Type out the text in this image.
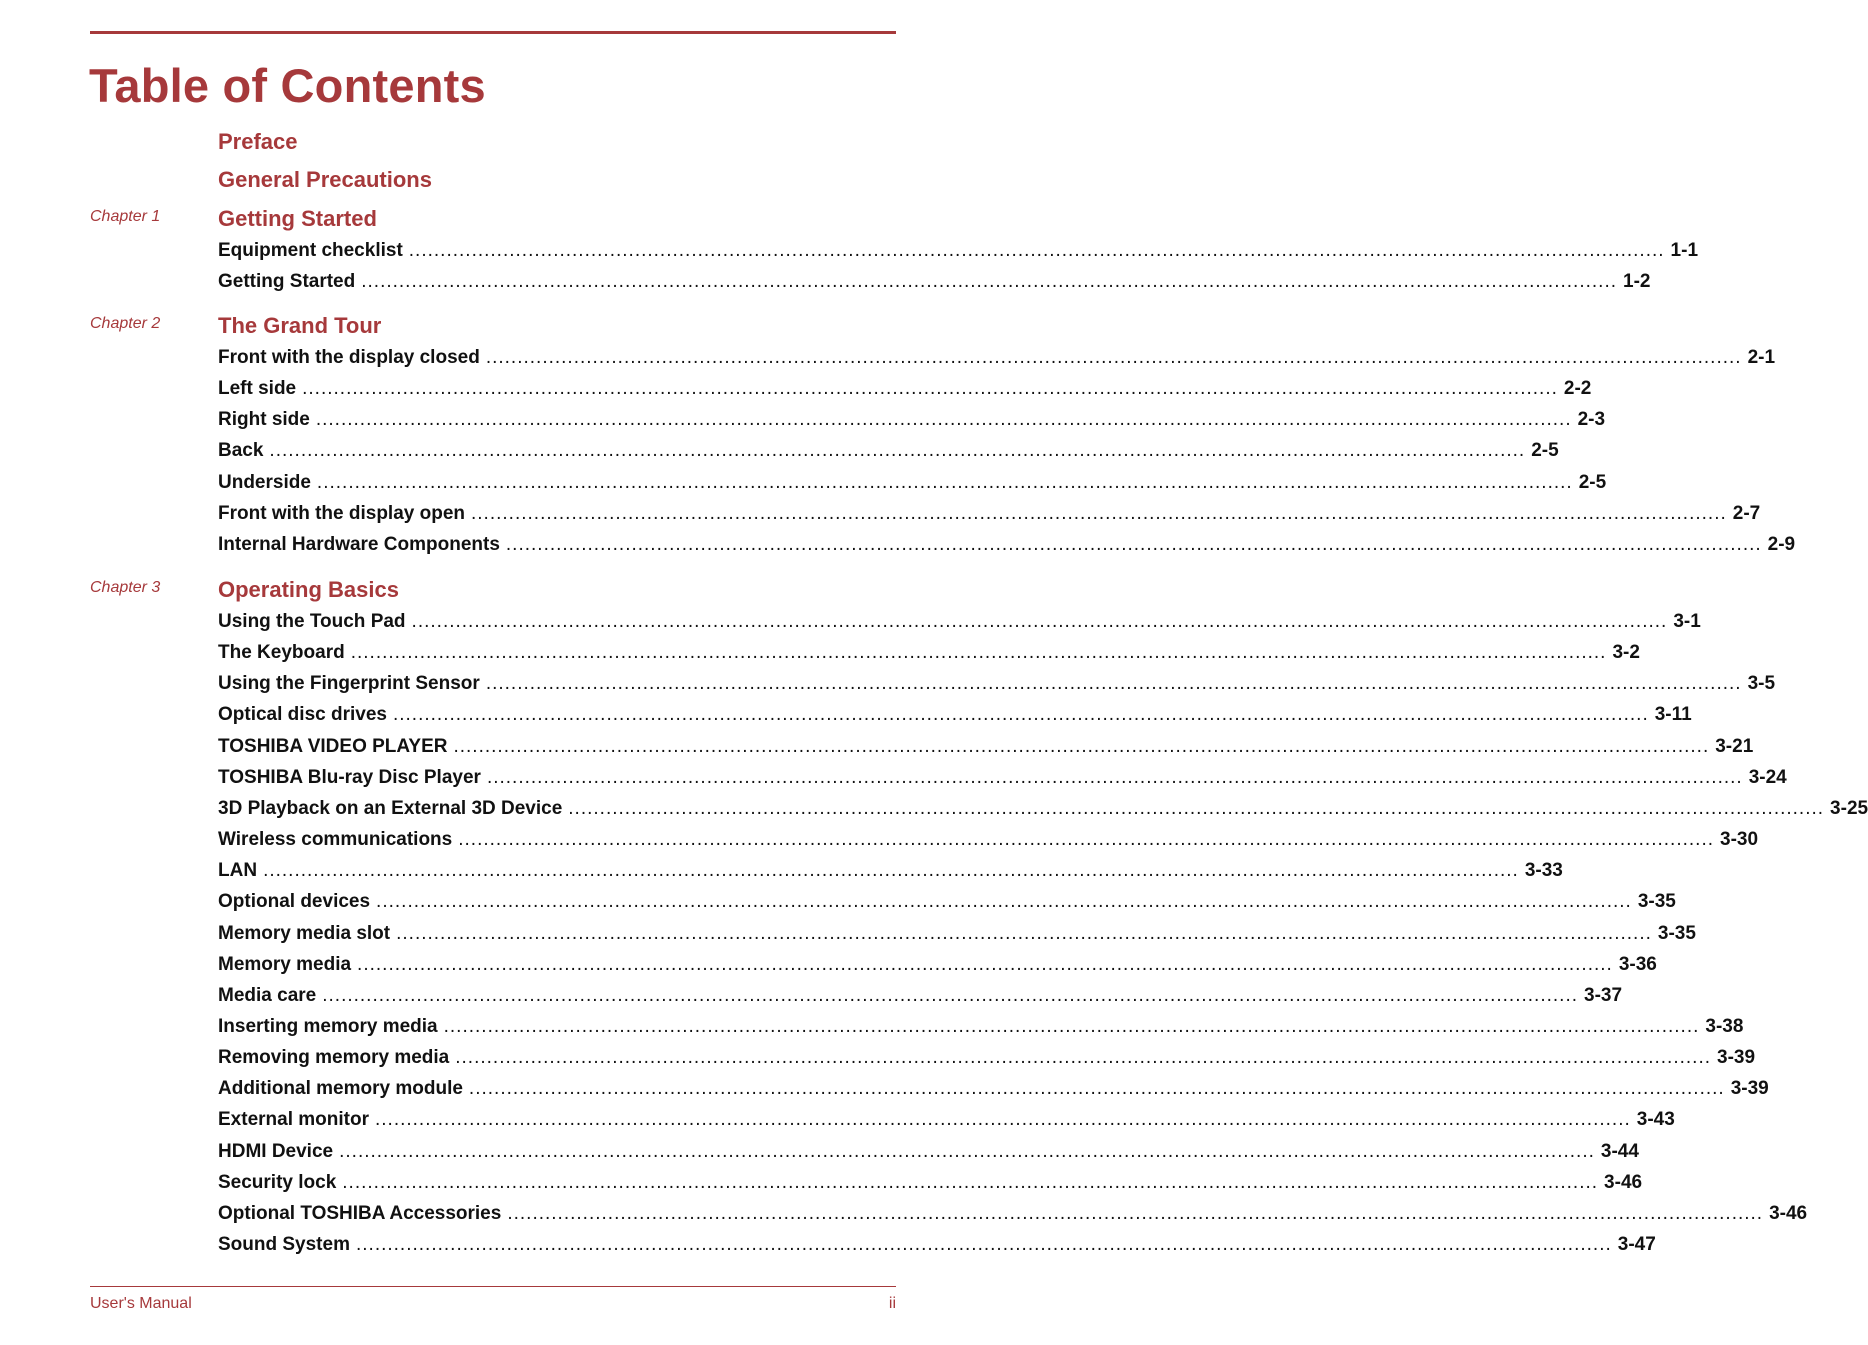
Table of Contents
Preface
General Precautions
Getting Started
Chapter 1
Equipment checklist ........................................................................................................................................................................................................ 1-1
Getting Started ........................................................................................................................................................................................................ 1-2
The Grand Tour
Chapter 2
Front with the display closed ........................................................................................................................................................................................................ 2-1
Left side ........................................................................................................................................................................................................ 2-2
Right side ........................................................................................................................................................................................................ 2-3
Back ........................................................................................................................................................................................................ 2-5
Underside ........................................................................................................................................................................................................ 2-5
Front with the display open ........................................................................................................................................................................................................ 2-7
Internal Hardware Components ........................................................................................................................................................................................................ 2-9
Operating Basics
Chapter 3
Using the Touch Pad ........................................................................................................................................................................................................ 3-1
The Keyboard ........................................................................................................................................................................................................ 3-2
Using the Fingerprint Sensor ........................................................................................................................................................................................................ 3-5
Optical disc drives ........................................................................................................................................................................................................ 3-11
TOSHIBA VIDEO PLAYER ........................................................................................................................................................................................................ 3-21
TOSHIBA Blu-ray Disc Player ........................................................................................................................................................................................................ 3-24
3D Playback on an External 3D Device ........................................................................................................................................................................................................ 3-25
Wireless communications ........................................................................................................................................................................................................ 3-30
LAN ........................................................................................................................................................................................................ 3-33
Optional devices ........................................................................................................................................................................................................ 3-35
Memory media slot ........................................................................................................................................................................................................ 3-35
Memory media ........................................................................................................................................................................................................ 3-36
Media care ........................................................................................................................................................................................................ 3-37
Inserting memory media ........................................................................................................................................................................................................ 3-38
Removing memory media ........................................................................................................................................................................................................ 3-39
Additional memory module ........................................................................................................................................................................................................ 3-39
External monitor ........................................................................................................................................................................................................ 3-43
HDMI Device ........................................................................................................................................................................................................ 3-44
Security lock ........................................................................................................................................................................................................ 3-46
Optional TOSHIBA Accessories ........................................................................................................................................................................................................ 3-46
Sound System ........................................................................................................................................................................................................ 3-47
User's Manual	ii
